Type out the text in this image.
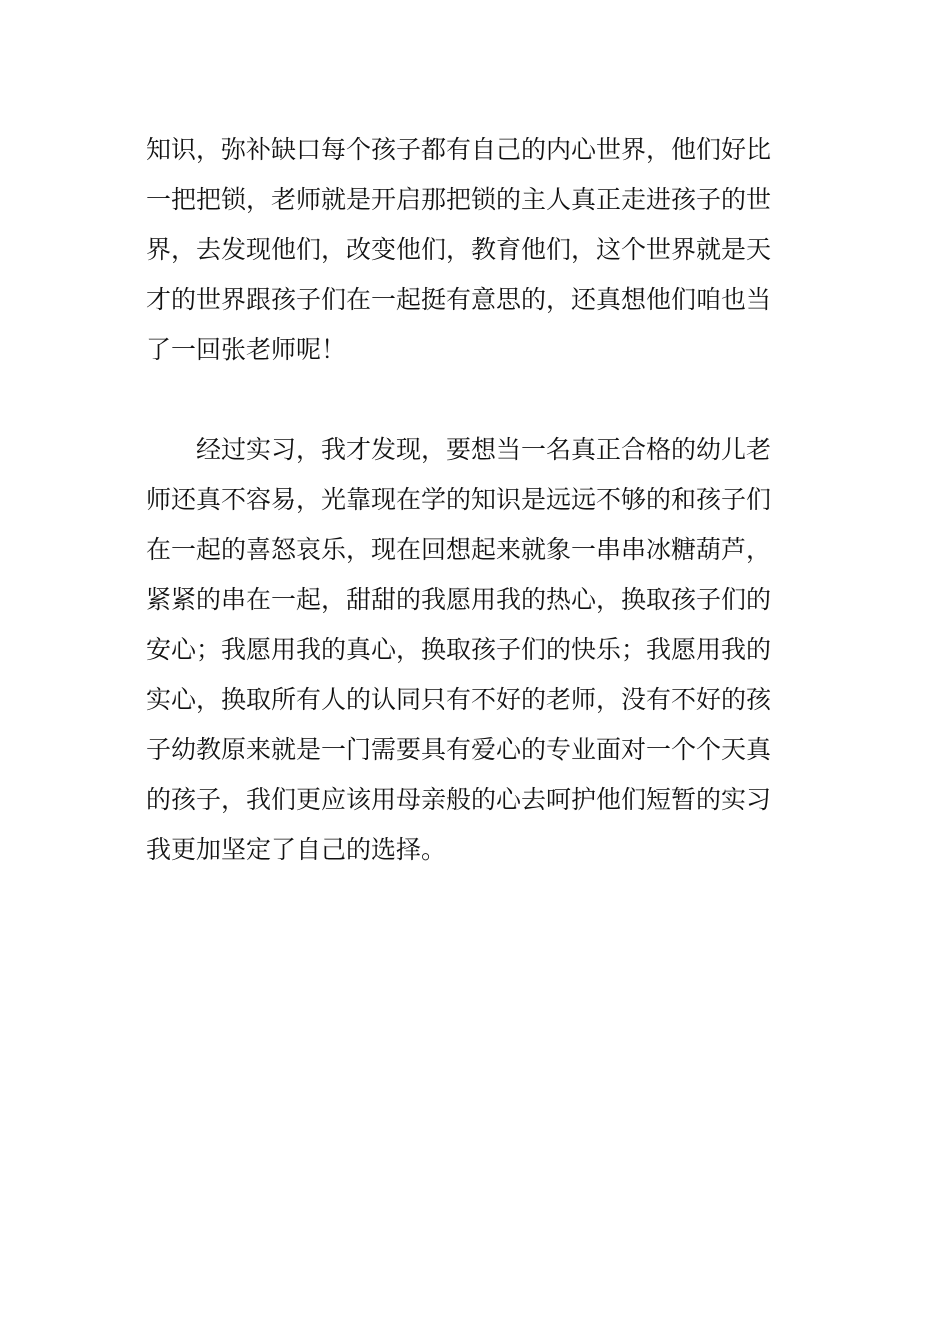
知识，弥补缺口每个孩子都有自己的内心世界，他们好比
一把把锁，老师就是开启那把锁的主人真正走进孩子的世
界，去发现他们，改变他们，教育他们，这个世界就是天
才的世界跟孩子们在一起挺有意思的，还真想他们咱也当
了一回张老师呢！
经过实习，我才发现，要想当一名真正合格的幼儿老
师还真不容易，光靠现在学的知识是远远不够的和孩子们
在一起的喜怒哀乐，现在回想起来就象一串串冰糖葫芦，
紧紧的串在一起，甜甜的我愿用我的热心，换取孩子们的
安心；我愿用我的真心，换取孩子们的快乐；我愿用我的
实心，换取所有人的认同只有不好的老师，没有不好的孩
子幼教原来就是一门需要具有爱心的专业面对一个个天真
的孩子，我们更应该用母亲般的心去呵护他们短暂的实习
我更加坚定了自己的选择。
